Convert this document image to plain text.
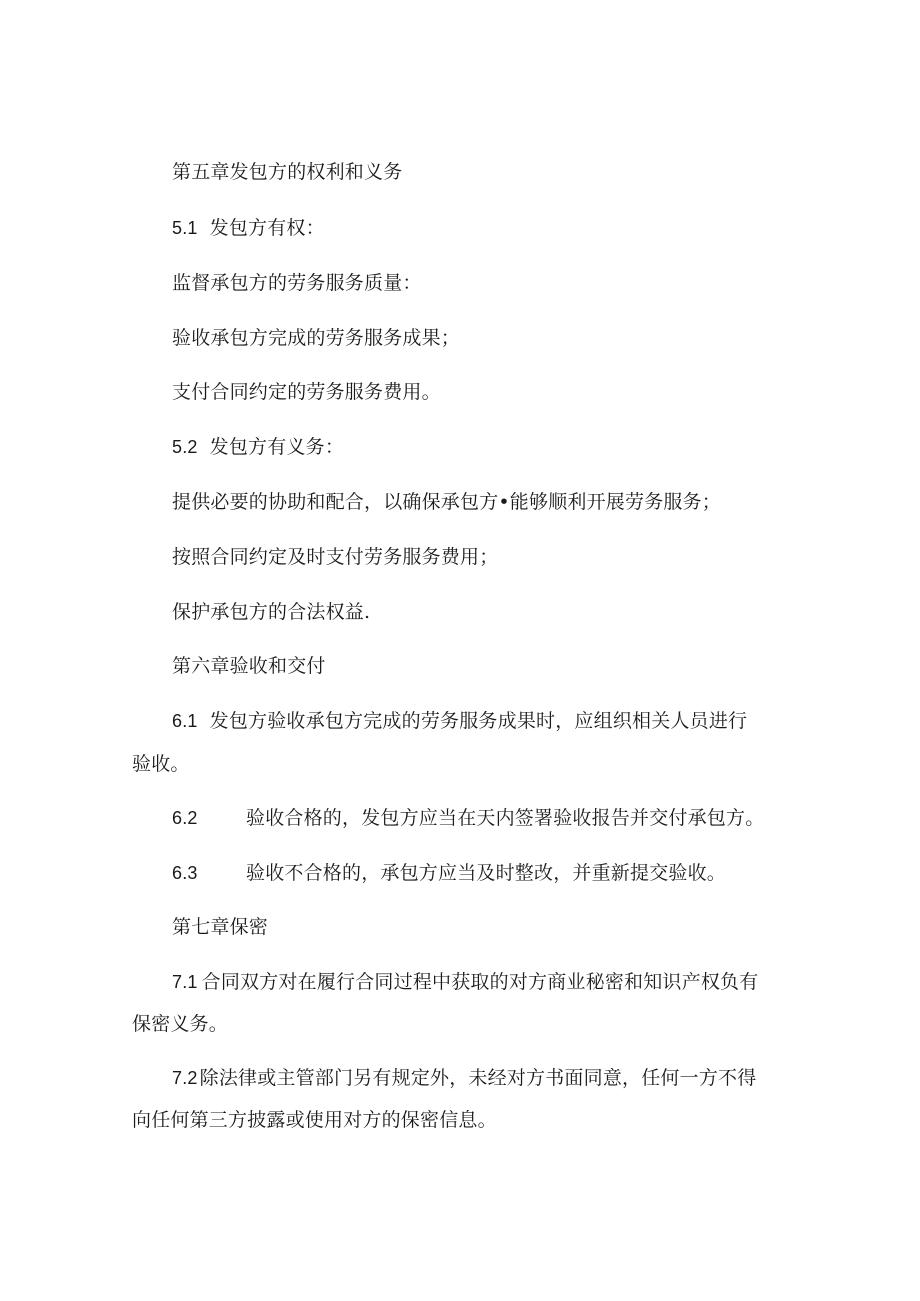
第五章发包方的权利和义务
5.1 发包方有权：
监督承包方的劳务服务质量：
验收承包方完成的劳务服务成果；
支付合同约定的劳务服务费用。
5.2 发包方有义务：
提供必要的协助和配合，以确保承包方•能够顺利开展劳务服务；
按照合同约定及时支付劳务服务费用；
保护承包方的合法权益.
第六章验收和交付
6.1 发包方验收承包方完成的劳务服务成果时，应组织相关人员进行
验收。
6.2	验收合格的，发包方应当在天内签署验收报告并交付承包方。
6.3	验收不合格的，承包方应当及时整改，并重新提交验收。
第七章保密
7.1 合同双方对在履行合同过程中获取的对方商业秘密和知识产权负有
保密义务。
7.2 除法律或主管部门另有规定外，未经对方书面同意，任何一方不得
向任何第三方披露或使用对方的保密信息。
